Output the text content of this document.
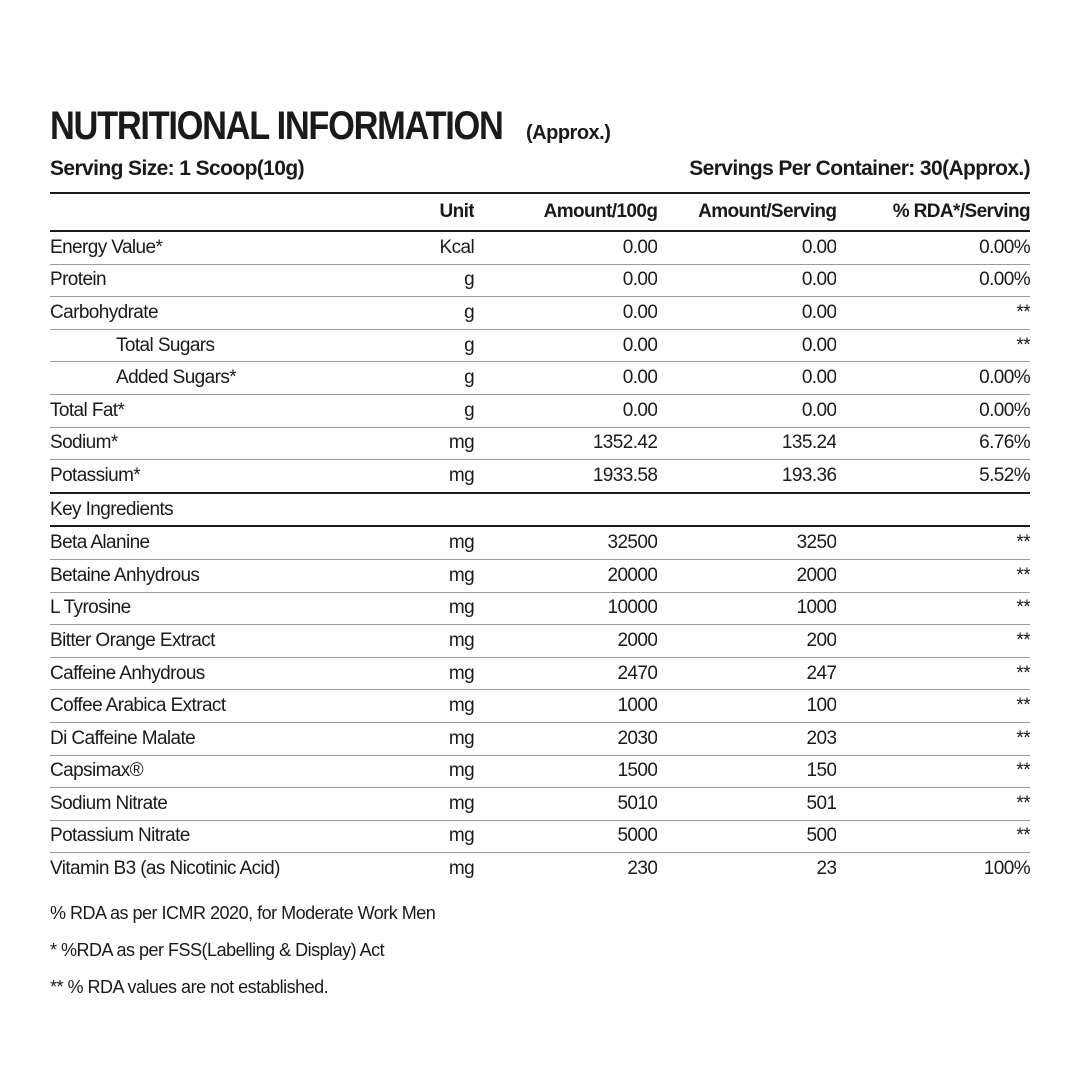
NUTRITIONAL INFORMATION (Approx.)
Serving Size: 1 Scoop(10g)	Servings Per Container: 30(Approx.)
	Unit	Amount/100g	Amount/Serving	% RDA*/Serving
Energy Value*	Kcal	0.00	0.00	0.00%
Protein	g	0.00	0.00	0.00%
Carbohydrate	g	0.00	0.00	**
Total Sugars	g	0.00	0.00	**
Added Sugars*	g	0.00	0.00	0.00%
Total Fat*	g	0.00	0.00	0.00%
Sodium*	mg	1352.42	135.24	6.76%
Potassium*	mg	1933.58	193.36	5.52%
Key Ingredients				
Beta Alanine	mg	32500	3250	**
Betaine Anhydrous	mg	20000	2000	**
L Tyrosine	mg	10000	1000	**
Bitter Orange Extract	mg	2000	200	**
Caffeine Anhydrous	mg	2470	247	**
Coffee Arabica Extract	mg	1000	100	**
Di Caffeine Malate	mg	2030	203	**
Capsimax®	mg	1500	150	**
Sodium Nitrate	mg	5010	501	**
Potassium Nitrate	mg	5000	500	**
Vitamin B3 (as Nicotinic Acid)	mg	230	23	100%
% RDA as per ICMR 2020, for Moderate Work Men
* %RDA as per FSS(Labelling & Display) Act
** % RDA values are not established.
